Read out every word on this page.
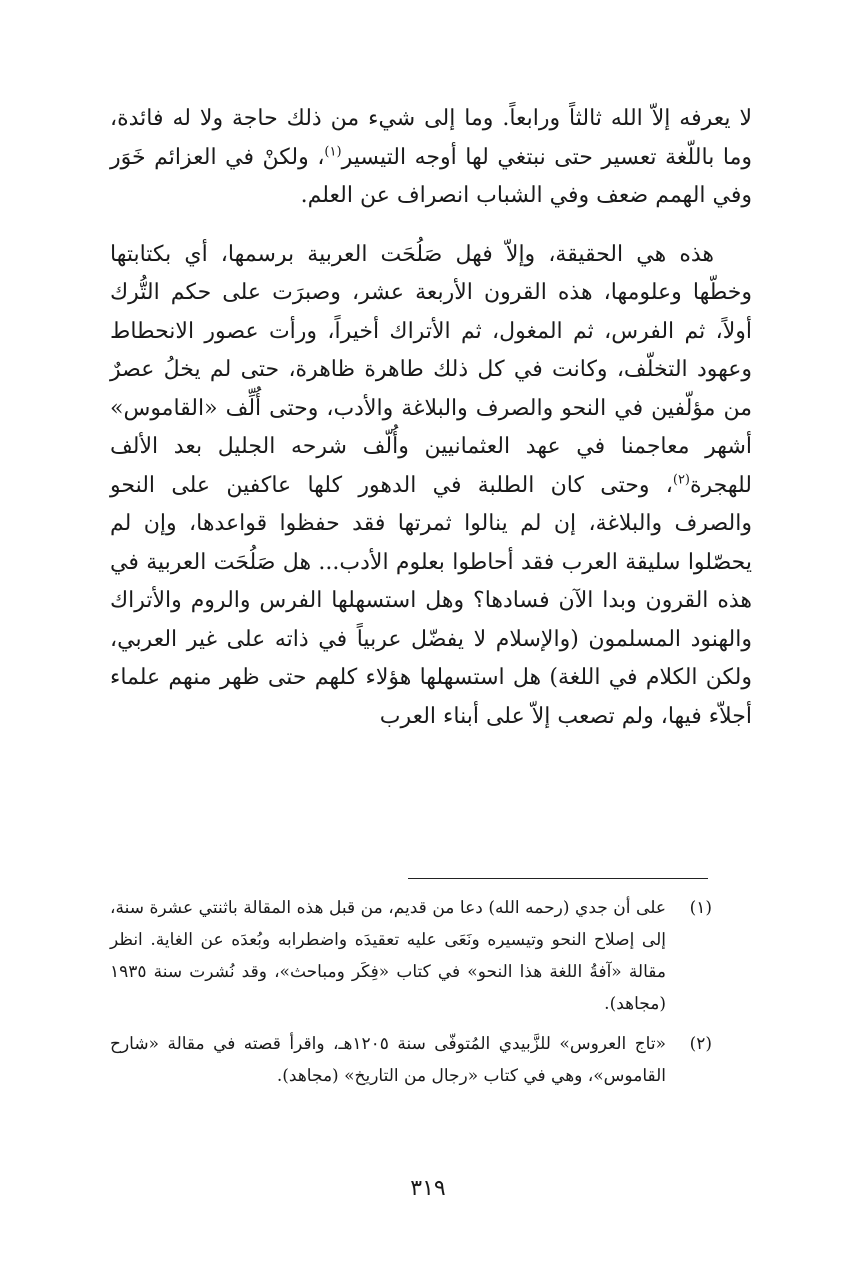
لا يعرفه إلاّ الله ثالثاً ورابعاً. وما إلى شيء من ذلك حاجة ولا له فائدة، وما باللّغة تعسير حتى نبتغي لها أوجه التيسير$^{(١)}$، ولكنْ في العزائم خَوَر وفي الهمم ضعف وفي الشباب انصراف عن العلم.

هذه هي الحقيقة، وإلاّ فهل صَلُحَت العربية برسمها، أي بكتابتها وخطّها وعلومها، هذه القرون الأربعة عشر، وصبرَت على حكم التُّرك أولاً، ثم الفرس، ثم المغول، ثم الأتراك أخيراً، ورأت عصور الانحطاط وعهود التخلّف، وكانت في كل ذلك طاهرة ظاهرة، حتى لم يخلُ عصرٌ من مؤلّفين في النحو والصرف والبلاغة والأدب، وحتى أُلِّف «القاموس» أشهر معاجمنا في عهد العثمانيين وأُلّف شرحه الجليل بعد الألف للهجرة$^{(٢)}$، وحتى كان الطلبة في الدهور كلها عاكفين على النحو والصرف والبلاغة، إن لم ينالوا ثمرتها فقد حفظوا قواعدها، وإن لم يحصّلوا سليقة العرب فقد أحاطوا بعلوم الأدب... هل صَلُحَت العربية في هذه القرون وبدا الآن فسادها؟ وهل استسهلها الفرس والروم والأتراك والهنود المسلمون (والإسلام لا يفضّل عربياً في ذاته على غير العربي، ولكن الكلام في اللغة) هل استسهلها هؤلاء كلهم حتى ظهر منهم علماء أجلاّء فيها، ولم تصعب إلاّ على أبناء العرب

(١)على أن جدي (رحمه الله) دعا من قديم، من قبل هذه المقالة باثنتي عشرة سنة، إلى إصلاح النحو وتيسيره ونَعَى عليه تعقيدَه واضطرابه وبُعدَه عن الغاية. انظر مقالة «آفةُ اللغة هذا النحو» في كتاب «فِكَر ومباحث»، وقد نُشرت سنة ١٩٣٥ (مجاهد).

(٢)«تاج العروس» للزَّبيدي المُتوفّى سنة ١٢٠٥هـ، واقرأ قصته في مقالة «شارح القاموس»، وهي في كتاب «رجال من التاريخ» (مجاهد).

٣١٩
